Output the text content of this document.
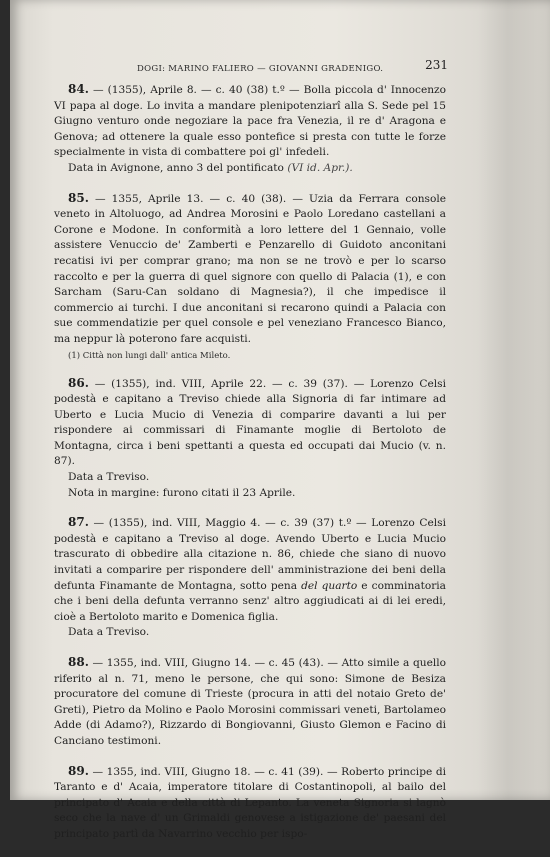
DOGI: MARINO FALIERO — GIOVANNI GRADENIGO.	231

84. — (1355), Aprile 8. — c. 40 (38) t.º — Bolla piccola d' Innocenzo VI papa al doge. Lo invita a mandare plenipotenziarî alla S. Sede pel 15 Giugno venturo onde negoziare la pace fra Venezia, il re d' Aragona e Genova; ad ottenere la quale esso pontefice si presta con tutte le forze specialmente in vista di combattere poi gl' infedeli.

Data in Avignone, anno 3 del pontificato (VI id. Apr.).

85. — 1355, Aprile 13. — c. 40 (38). — Uzia da Ferrara console veneto in Altoluogo, ad Andrea Morosini e Paolo Loredano castellani a Corone e Modone. In conformità a loro lettere del 1 Gennaio, volle assistere Venuccio de' Zamberti e Penzarello di Guidoto anconitani recatisi ivi per comprar grano; ma non se ne trovò e per lo scarso raccolto e per la guerra di quel signore con quello di Palacia (1), e con Sarcham (Saru-Can soldano di Magnesia?), il che impedisce il commercio ai turchi. I due anconitani si recarono quindi a Palacia con sue commendatizie per quel console e pel veneziano Francesco Bianco, ma neppur là poterono fare acquisti.

(1) Città non lungi dall' antica Mileto.

86. — (1355), ind. VIII, Aprile 22. — c. 39 (37). — Lorenzo Celsi podestà e capitano a Treviso chiede alla Signoria di far intimare ad Uberto e Lucia Mucio di Venezia di comparire davanti a lui per rispondere ai commissari di Finamante moglie di Bertoloto de Montagna, circa i beni spettanti a questa ed occupati dai Mucio (v. n. 87).

Data a Treviso.

Nota in margine: furono citati il 23 Aprile.

87. — (1355), ind. VIII, Maggio 4. — c. 39 (37) t.º — Lorenzo Celsi podestà e capitano a Treviso al doge. Avendo Uberto e Lucia Mucio trascurato di obbedire alla citazione n. 86, chiede che siano di nuovo invitati a comparire per rispondere dell' amministrazione dei beni della defunta Finamante de Montagna, sotto pena del quarto e comminatoria che i beni della defunta verranno senz' altro aggiudicati ai di lei eredi, cioè a Bertoloto marito e Domenica figlia.

Data a Treviso.

88. — 1355, ind. VIII, Giugno 14. — c. 45 (43). — Atto simile a quello riferito al n. 71, meno le persone, che qui sono: Simone de Besiza procuratore del comune di Trieste (procura in atti del notaio Greto de' Greti), Pietro da Molino e Paolo Morosini commissari veneti, Bartolameo Adde (di Adamo?), Rizzardo di Bongiovanni, Giusto Glemon e Facino di Canciano testimoni.

89. — 1355, ind. VIII, Giugno 18. — c. 41 (39). — Roberto principe di Taranto e d' Acaia, imperatore titolare di Costantinopoli, al bailo del principato d' Acaia e della città di Lepanto. La veneta Signoria si lagnò seco che la nave d' un Grimaldi genovese a istigazione de' paesani del principato partì da Navarrino vecchio per ispo-
